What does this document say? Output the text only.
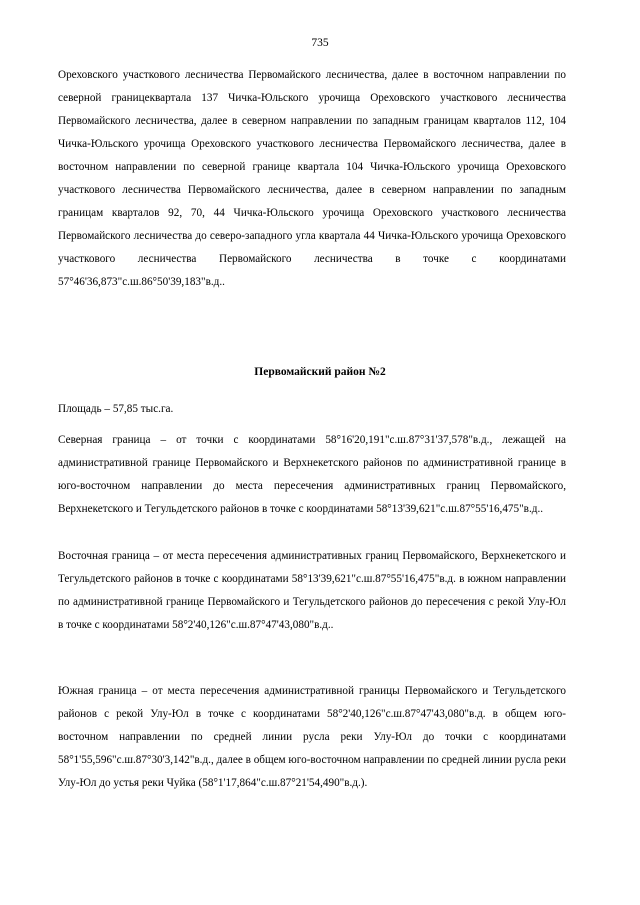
735

Ореховского участкового лесничества Первомайского лесничества, далее в восточном направлении по северной границеквартала 137 Чичка-Юльского урочища Ореховского участкового лесничества Первомайского лесничества, далее в северном направлении по западным границам кварталов 112, 104 Чичка-Юльского урочища Ореховского участкового лесничества Первомайского лесничества, далее в восточном направлении по северной границе квартала 104 Чичка-Юльского урочища Ореховского участкового лесничества Первомайского лесничества, далее в северном направлении по западным границам кварталов 92, 70, 44 Чичка-Юльского урочища Ореховского участкового лесничества Первомайского лесничества до северо-западного угла квартала 44 Чичка-Юльского урочища Ореховского участкового лесничества Первомайского лесничества в точке с координатами 57°46'36,873"с.ш.86°50'39,183"в.д..

Первомайский район №2

Площадь – 57,85 тыс.га.

Северная граница – от точки с координатами 58°16'20,191"с.ш.87°31'37,578"в.д., лежащей на административной границе Первомайского и Верхнекетского районов по административной границе в юго-восточном направлении до места пересечения административных границ Первомайского, Верхнекетского и Тегульдетского районов в точке с координатами 58°13'39,621"с.ш.87°55'16,475"в.д..

Восточная граница – от места пересечения административных границ Первомайского, Верхнекетского и Тегульдетского районов в точке с координатами 58°13'39,621"с.ш.87°55'16,475"в.д. в южном направлении по административной границе Первомайского и Тегульдетского районов до пересечения с рекой Улу-Юл в точке с координатами 58°2'40,126"с.ш.87°47'43,080"в.д..

Южная граница – от места пересечения административной границы Первомайского и Тегульдетского районов с рекой Улу-Юл в точке с координатами 58°2'40,126"с.ш.87°47'43,080"в.д. в общем юго-восточном направлении по средней линии русла реки Улу-Юл до точки с координатами 58°1'55,596"с.ш.87°30'3,142"в.д., далее в общем юго-восточном направлении по средней линии русла реки Улу-Юл до устья реки Чуйка (58°1'17,864"с.ш.87°21'54,490"в.д.).
